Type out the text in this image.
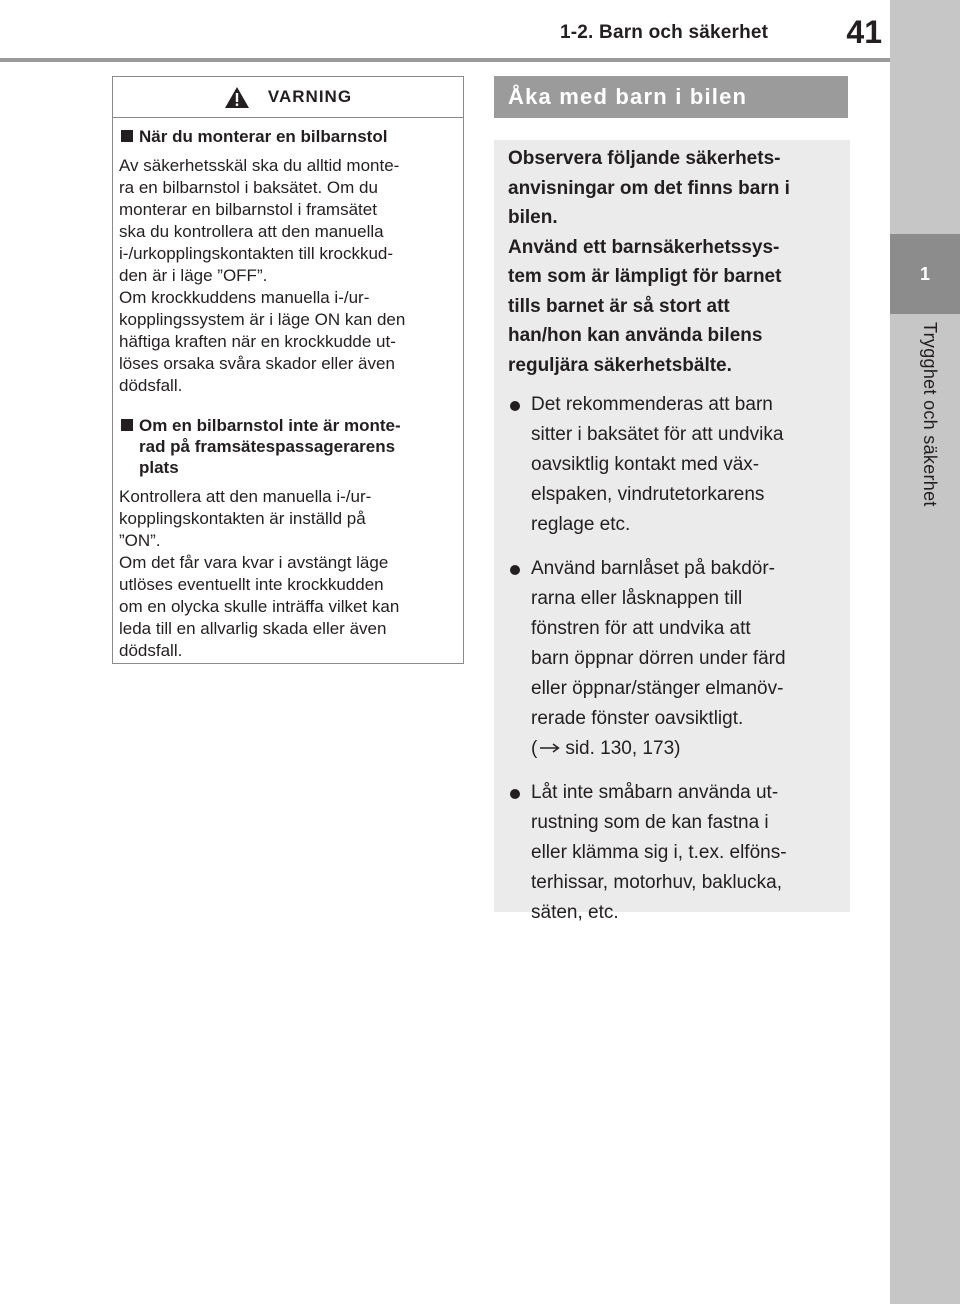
1-2. Barn och säkerhet	41
1
Trygghet och säkerhet
VARNING
När du monterar en bilbarnstol

Av säkerhetsskäl ska du alltid monte-
ra en bilbarnstol i baksätet. Om du
monterar en bilbarnstol i framsätet
ska du kontrollera att den manuella
i-/urkopplingskontakten till krockkud-
den är i läge ”OFF”.
Om krockkuddens manuella i-/ur-
kopplingssystem är i läge ON kan den
häftiga kraften när en krockkudde ut-
löses orsaka svåra skador eller även
dödsfall.

Om en bilbarnstol inte är monte-
rad på framsätespassagerarens
plats

Kontrollera att den manuella i-/ur-
kopplingskontakten är inställd på
”ON”.
Om det får vara kvar i avstängt läge
utlöses eventuellt inte krockkudden
om en olycka skulle inträffa vilket kan
leda till en allvarlig skada eller även
dödsfall.

Åka med barn i bilen

Observera följande säkerhets-

anvisningar om det finns barn i

bilen.

Använd ett barnsäkerhetssys-

tem som är lämpligt för barnet

tills barnet är så stort att

han/hon kan använda bilens

reguljära säkerhetsbälte.

Det rekommenderas att barn
sitter i baksätet för att undvika
oavsiktlig kontakt med väx-
elspaken, vindrutetorkarens
reglage etc.
Använd barnlåset på bakdör-
rarna eller låsknappen till
fönstren för att undvika att
barn öppnar dörren under färd
eller öppnar/stänger elmanöv-
rerade fönster oavsiktligt.
( sid. 130, 173)
Låt inte småbarn använda ut-
rustning som de kan fastna i
eller klämma sig i, t.ex. elföns-
terhissar, motorhuv, baklucka,
säten, etc.
